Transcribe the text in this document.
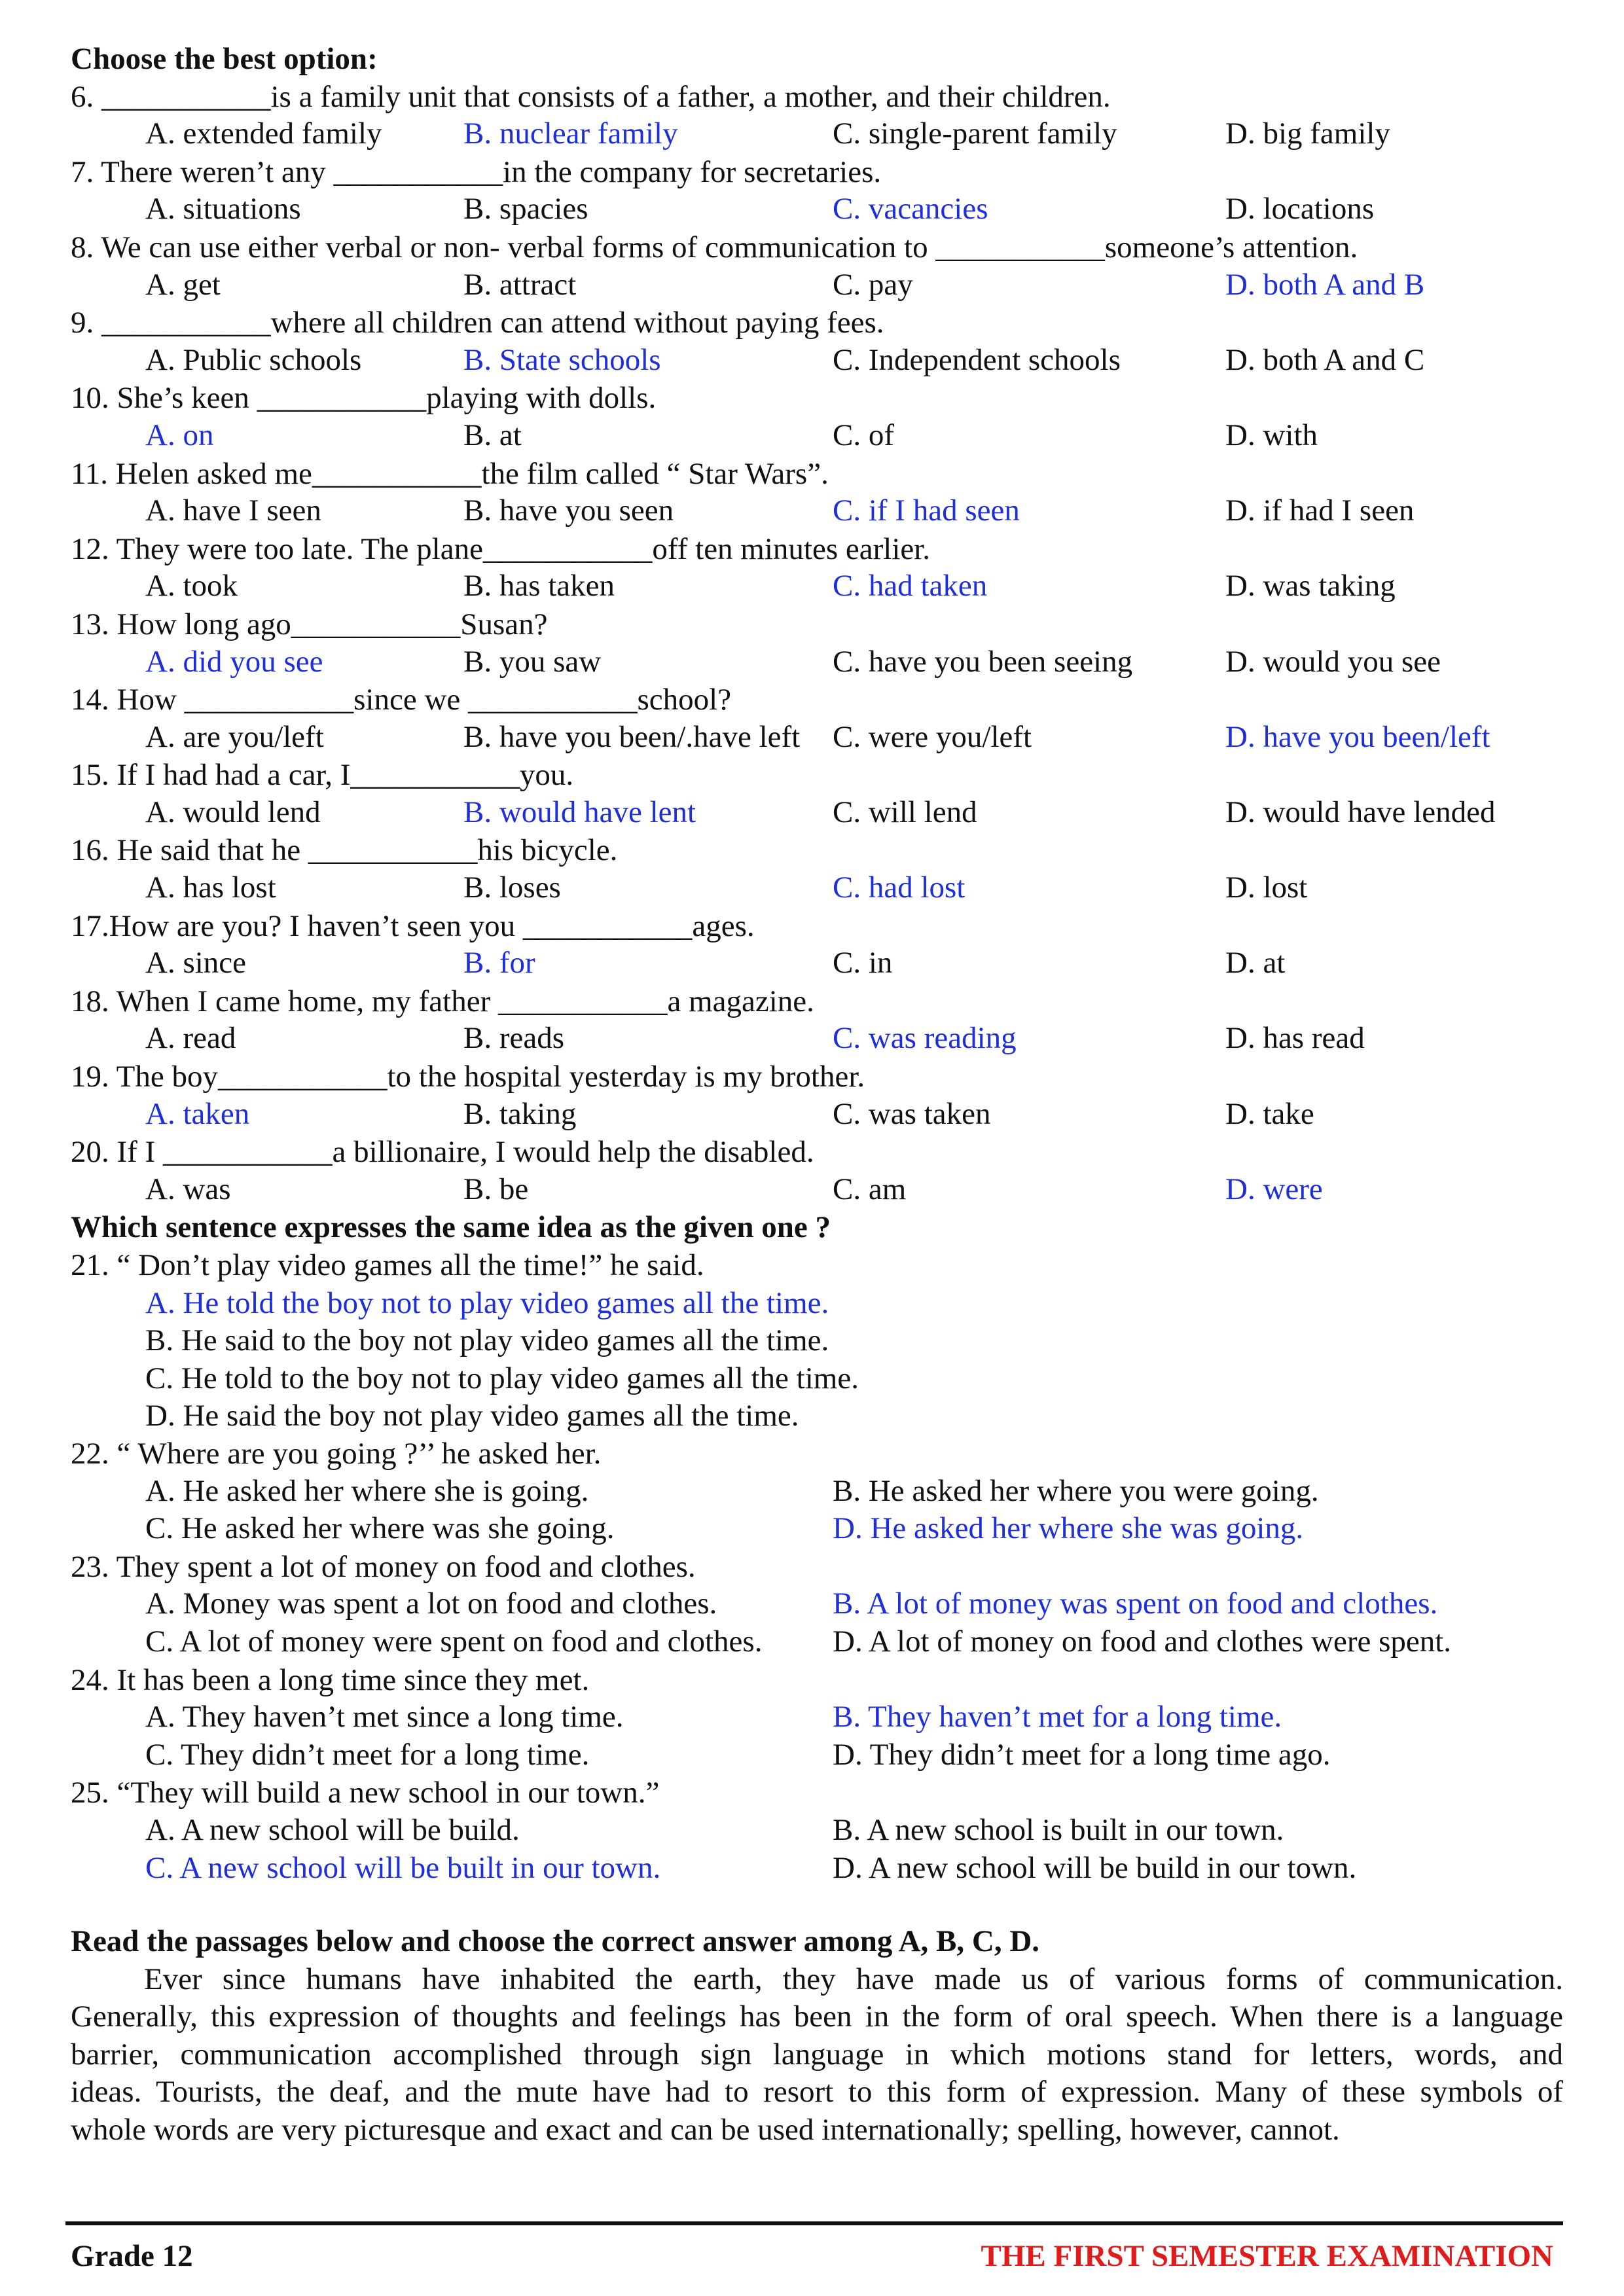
Choose the best option:
6. ___________is a family unit that consists of a father, a mother, and their children.
A. extended family	B. nuclear family	C. single-parent family	D. big family
7. There weren’t any ___________in the company for secretaries.
A. situations	B. spacies	C. vacancies	D. locations
8. We can use either verbal or non- verbal forms of communication to ___________someone’s attention.
A. get	B. attract	C. pay	D. both A and B
9. ___________where all children can attend without paying fees.
A. Public schools	B. State schools	C. Independent schools	D. both A and C
10. She’s keen ___________playing with dolls.
A. on	B. at	C. of	D. with
11. Helen asked me___________the film called “ Star Wars”.
A. have I seen	B. have you seen	C. if I had seen	D. if had I seen
12. They were too late. The plane___________off ten minutes earlier.
A. took	B. has taken	C. had taken	D. was taking
13. How long ago___________Susan?
A. did you see	B. you saw	C. have you been seeing	D. would you see
14. How ___________since we ___________school?
A. are you/left	B. have you been/.have left C. were you/left	D. have you been/left
15. If I had had a car, I___________you.
A. would lend	B. would have lent	C. will lend	D. would have lended
16. He said that he ___________his bicycle.
A. has lost	B. loses	C. had lost	D. lost
17.How are you? I haven’t seen you ___________ages.
A. since	B. for	C. in	D. at
18. When I came home, my father ___________a magazine.
A. read	B. reads	C. was reading	D. has read
19. The boy___________to the hospital yesterday is my brother.
A. taken	B. taking	C. was taken	D. take
20. If I ___________a billionaire, I would help the disabled.
A. was	B. be	C. am	D. were
Which sentence expresses the same idea as the given one ?
21. “ Don’t play video games all the time!” he said.
A. He told the boy not to play video games all the time.
B. He said to the boy not play video games all the time.
C. He told to the boy not to play video games all the time.
D. He said the boy not play video games all the time.
22. “ Where are you going ?’’ he asked her.
A. He asked her where she is going.	B. He asked her where you were going.
C. He asked her where was she going.	D. He asked her where she was going.
23. They spent a lot of money on food and clothes.
A. Money was spent a lot on food and clothes.	B. A lot of money was spent on food and clothes.
C. A lot of money were spent on food and clothes. D. A lot of money on food and clothes were spent.
24. It has been a long time since they met.
A. They haven’t met since a long time.	B. They haven’t met for a long time.
C. They didn’t meet for a long time.	D. They didn’t meet for a long time ago.
25. “They will build a new school in our town.”
A. A new school will be build.	B. A new school is built in our town.
C. A new school will be built in our town.	D. A new school will be build in our town.
Read the passages below and choose the correct answer among A, B, C, D.
Ever since humans have inhabited the earth, they have made us of various forms of communication.
Generally, this expression of thoughts and feelings has been in the form of oral speech. When there is a language
barrier, communication accomplished through sign language in which motions stand for letters, words, and
ideas. Tourists, the deaf, and the mute have had to resort to this form of expression. Many of these symbols of
whole words are very picturesque and exact and can be used internationally; spelling, however, cannot.
Grade 12	THE FIRST SEMESTER EXAMINATION
